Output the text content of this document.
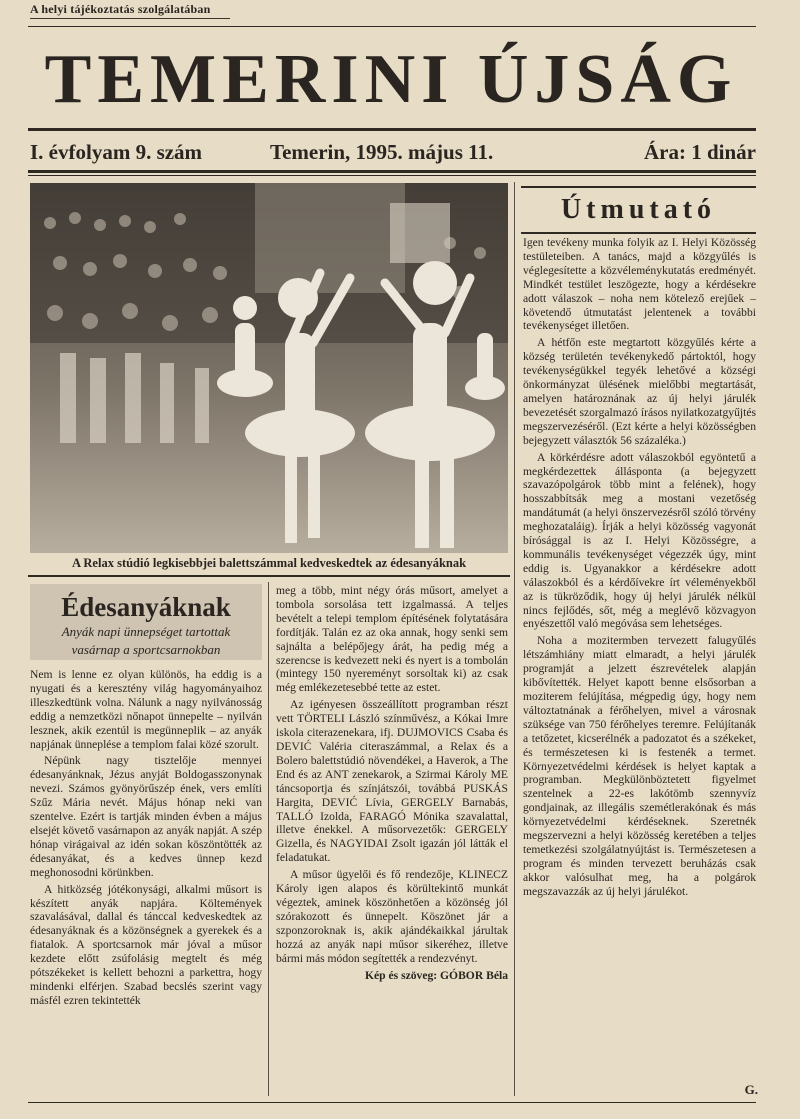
A helyi tájékoztatás szolgálatában
TEMERINI ÚJSÁG
I. évfolyam 9. szám	Temerin, 1995. május 11.	Ára: 1 dinár
A Relax stúdió legkisebbjei balettszámmal kedveskedtek az édesanyáknak
Édesanyáknak
Anyák napi ünnepséget tartottak
vasárnap a sportcsarnokban

Nem is lenne ez olyan különös, ha eddig is a nyugati és a keresztény világ hagyományaihoz illeszkedtünk volna. Nálunk a nagy nyilvánosság eddig a nemzetközi nőnapot ünnepelte – nyilván lesznek, akik ezentúl is megünneplik – az anyák napjának ünneplése a templom falai közé szorult.

Népünk nagy tisztelője mennyei édesanyánknak, Jézus anyját Boldogasszonynak nevezi. Számos gyönyörűszép ének, vers említi Szűz Mária nevét. Május hónap neki van szentelve. Ezért is tartják minden évben a május elsejét követő vasárnapon az anyák napját. A szép hónap virágaival az idén sokan köszöntötték az édesanyákat, és a kedves ünnep kezd meghonosodni körünkben.

A hitközség jótékonysági, alkalmi műsort is készített anyák napjára. Költemények szavalásával, dallal és tánccal kedveskedtek az édesanyáknak és a közönségnek a gyerekek és a fiatalok. A sportcsarnok már jóval a műsor kezdete előtt zsúfolásig megtelt és még pótszékeket is kellett behozni a parkettra, hogy mindenki elférjen. Szabad becslés szerint vagy másfél ezren tekintették

meg a több, mint négy órás műsort, amelyet a tombola sorsolása tett izgalmassá. A teljes bevételt a telepi templom építésének folytatására fordítják. Talán ez az oka annak, hogy senki sem sajnálta a belépőjegy árát, ha pedig még a szerencse is kedvezett neki és nyert is a tombolán (mintegy 150 nyereményt sorsoltak ki) az csak még emlékezetesebbé tette az estet.

Az igényesen összeállított programban részt vett TÖRTELI László színművész, a Kókai Imre iskola citerazenekara, ifj. DUJMOVICS Csaba és DEVIĆ Valéria citeraszámmal, a Relax és a Bolero balettstúdió növendékei, a Haverok, a The End és az ANT zenekarok, a Szirmai Károly ME táncsoportja és színjátszói, továbbá PUSKÁS Hargita, DEVIĆ Lívia, GERGELY Barnabás, TALLÓ Izolda, FARAGÓ Mónika szavalattal, illetve énekkel. A műsorvezetők: GERGELY Gizella, és NAGYIDAI Zsolt igazán jól látták el feladatukat.

A műsor ügyelői és fő rendezője, KLINECZ Károly igen alapos és körültekintő munkát végeztek, aminek köszönhetően a közönség jól szórakozott és ünnepelt. Köszönet jár a szponzoroknak is, akik ajándékaikkal járultak hozzá az anyák napi műsor sikeréhez, illetve bármi más módon segítették a rendezvényt.

Kép és szöveg: GÓBOR Béla

Útmutató

Igen tevékeny munka folyik az I. Helyi Közösség testületeiben. A tanács, majd a közgyűlés is véglegesítette a közvéleménykutatás eredményét. Mindkét testület leszögezte, hogy a kérdésekre adott válaszok – noha nem kötelező erejűek – követendő útmutatást jelentenek a további tevékenységet illetően.

A hétfőn este megtartott közgyűlés kérte a község területén tevékenykedő pártoktól, hogy tevékenységükkel tegyék lehetővé a községi önkormányzat ülésének mielőbbi megtartását, amelyen határoznának az új helyi járulék bevezetését szorgalmazó írásos nyilatkozatgyűjtés megszervezéséről. (Ezt kérte a helyi közösségben bejegyzett választók 56 százaléka.)

A körkérdésre adott válaszokból egyöntetű a megkérdezettek állásponta (a bejegyzett szavazópolgárok több mint a felének), hogy hosszabbítsák meg a mostani vezetőség mandátumát (a helyi önszervezésről szóló törvény meghozataláig). Írják a helyi közösség vagyonát bírósággal is az I. Helyi Közösségre, a kommunális tevékenységet végezzék úgy, mint eddig is. Ugyanakkor a kérdésekre adott válaszokból és a kérdőívekre írt véleményekből az is tükröződik, hogy új helyi járulék nélkül nincs fejlődés, sőt, még a meglévő közvagyon enyészettől való megóvása sem lehetséges.

Noha a mozitermben tervezett falugyűlés létszámhiány miatt elmaradt, a helyi járulék programját a jelzett észrevételek alapján kibővítették. Helyet kapott benne elsősorban a moziterem felújítása, mégpedig úgy, hogy nem változtatnának a férőhelyen, mivel a városnak szüksége van 750 férőhelyes teremre. Felújítanák a tetőzetet, kicserélnék a padozatot és a székeket, és természetesen ki is festenék a termet. Környezetvédelmi kérdések is helyet kaptak a programban. Megkülönböztetett figyelmet szentelnek a 22-es lakótömb szennyvíz gondjainak, az illegális szemétlerakónak és más környezetvédelmi kérdéseknek. Szeretnék megszervezni a helyi közösség keretében a teljes temetkezési szolgálatnyújtást is. Természetesen a program és minden tervezett beruházás csak akkor valósulhat meg, ha a polgárok megszavazzák az új helyi járulékot.

G.
